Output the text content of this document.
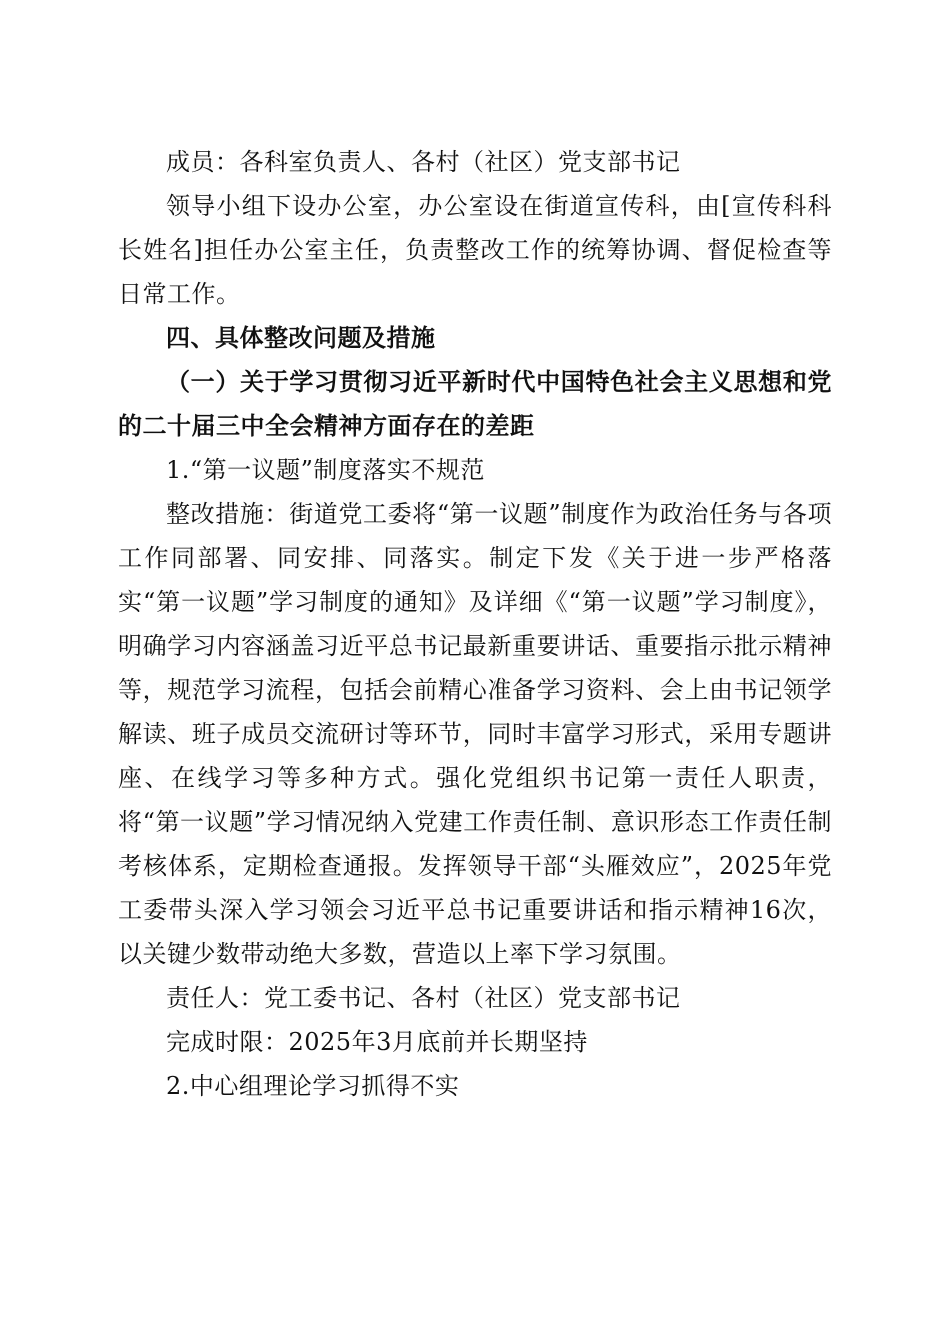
成员：各科室负责人、各村（社区）党支部书记

领导小组下设办公室，办公室设在街道宣传科，由[宣传科科长姓名]担任办公室主任，负责整改工作的统筹协调、督促检查等日常工作。

四、具体整改问题及措施

（一）关于学习贯彻习近平新时代中国特色社会主义思想和党的二十届三中全会精神方面存在的差距

1.“第一议题”制度落实不规范

整改措施：街道党工委将“第一议题”制度作为政治任务与各项工作同部署、同安排、同落实。制定下发《关于进一步严格落实“第一议题”学习制度的通知》及详细《“第一议题”学习制度》，明确学习内容涵盖习近平总书记最新重要讲话、重要指示批示精神等，规范学习流程，包括会前精心准备学习资料、会上由书记领学解读、班子成员交流研讨等环节，同时丰富学习形式，采用专题讲座、在线学习等多种方式。强化党组织书记第一责任人职责，将“第一议题”学习情况纳入党建工作责任制、意识形态工作责任制考核体系，定期检查通报。发挥领导干部“头雁效应”，2025年党工委带头深入学习领会习近平总书记重要讲话和指示精神16次，以关键少数带动绝大多数，营造以上率下学习氛围。

责任人：党工委书记、各村（社区）党支部书记

完成时限：2025年3月底前并长期坚持

2.中心组理论学习抓得不实
